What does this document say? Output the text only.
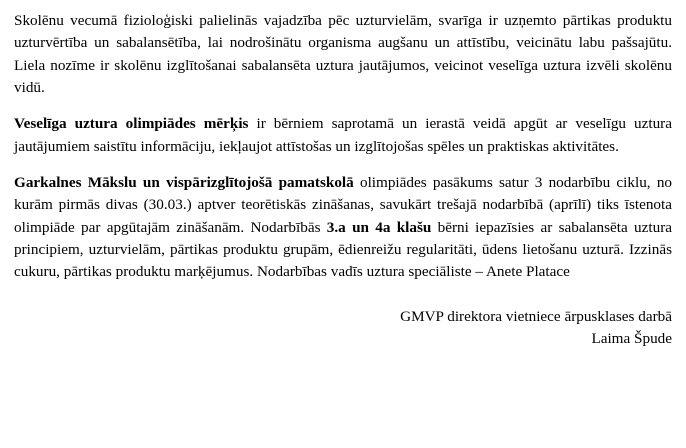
Skolēnu vecumā fizioloģiski palielinās vajadzība pēc uzturvielām, svarīga ir uzņemto pārtikas produktu uzturvērtība un sabalansētība, lai nodrošinātu organisma augšanu un attīstību, veicinātu labu pašsajūtu. Liela nozīme ir skolēnu izglītošanai sabalansēta uztura jautājumos, veicinot veselīga uztura izvēli skolēnu vidū.

Veselīga uztura olimpiādes mērķis ir bērniem saprotamā un ierastā veidā apgūt ar veselīgu uztura jautājumiem saistītu informāciju, iekļaujot attīstošas un izglītojošas spēles un praktiskas aktivitātes.

Garkalnes Mākslu un vispārizglītojošā pamatskolā olimpiādes pasākums satur 3 nodarbību ciklu, no kurām pirmās divas (30.03.) aptver teorētiskās zināšanas, savukārt trešajā nodarbībā (aprīlī) tiks īstenota olimpiāde par apgūtajām zināšanām. Nodarbībās 3.a un 4a klašu bērni iepazīsies ar sabalansēta uztura principiem, uzturvielām, pārtikas produktu grupām, ēdienreižu regularitāti, ūdens lietošanu uzturā. Izzinās cukuru, pārtikas produktu marķējumus. Nodarbības vadīs uztura speciāliste – Anete Platace

GMVP direktora vietniece ārpusklases darbā
Laima Špude
